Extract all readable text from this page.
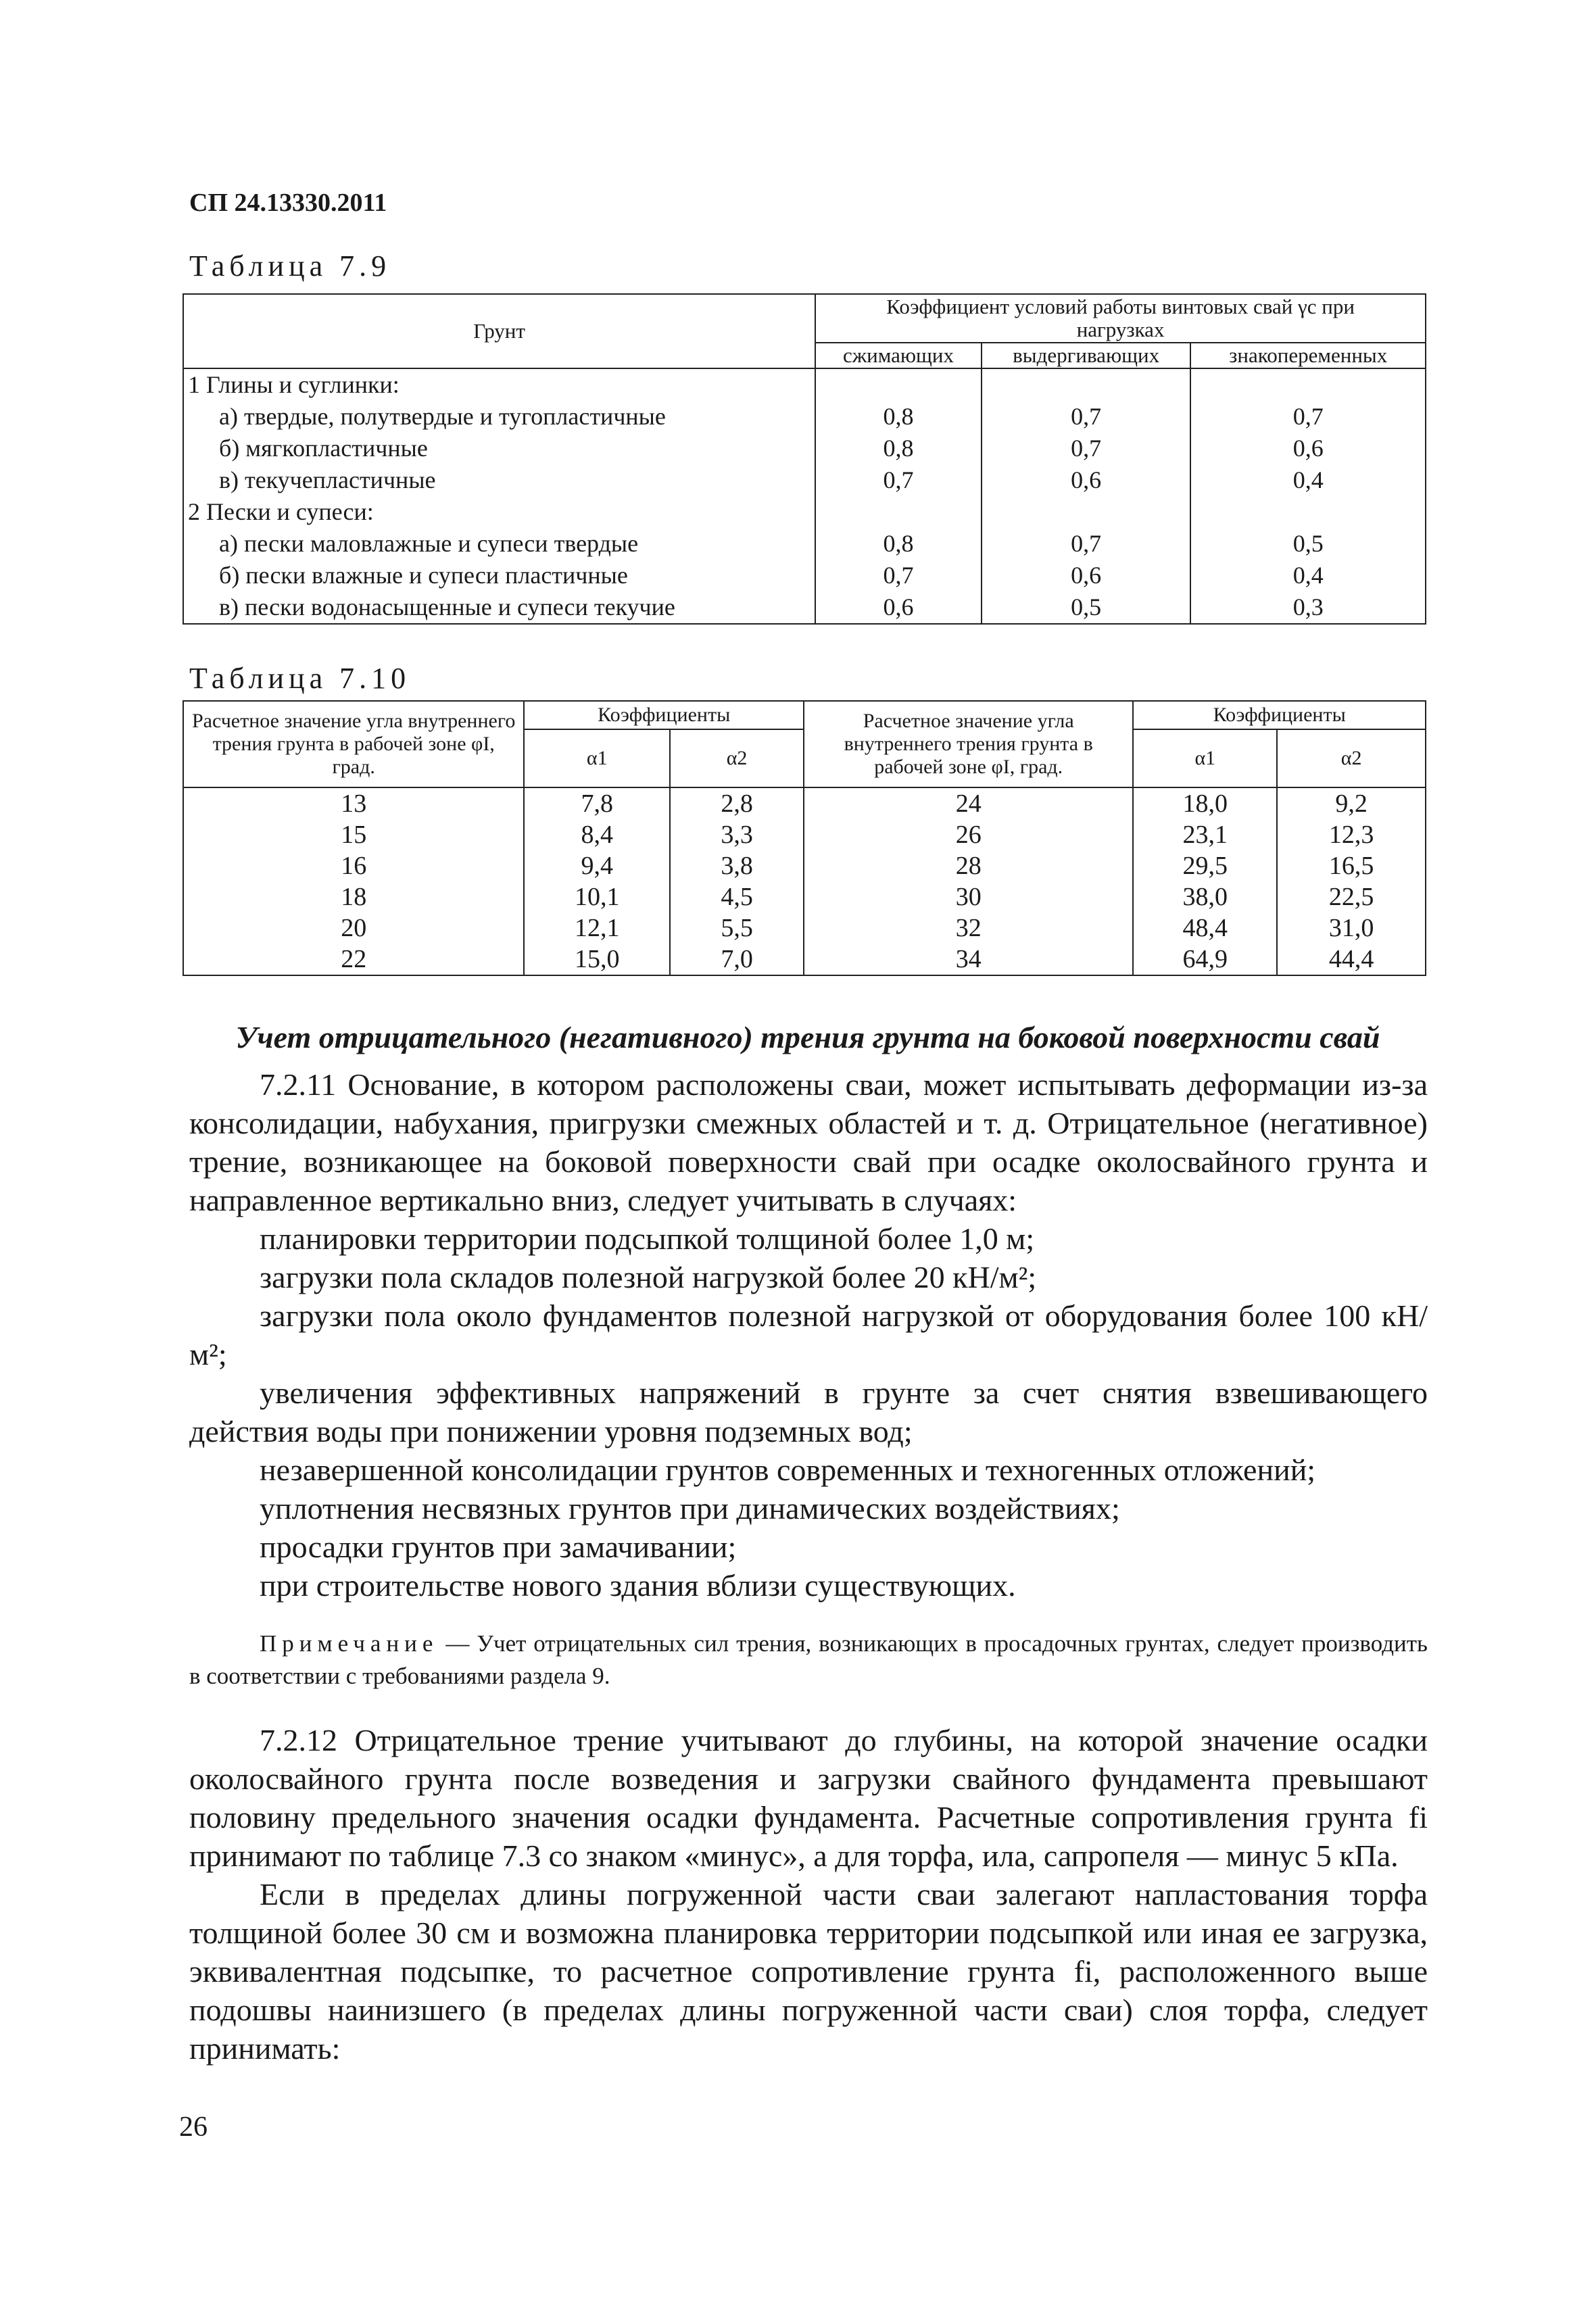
СП 24.13330.2011
Таблица 7.9
Грунт	Коэффициент условий работы винтовых свай γc при нагрузках		
	сжимающих	выдергивающих	знакопеременных
1 Глины и суглинки:			
а) твердые, полутвердые и тугопластичные	0,8	0,7	0,7
б) мягкопластичные	0,8	0,7	0,6
в) текучепластичные	0,7	0,6	0,4
2 Пески и супеси:			
а) пески маловлажные и супеси твердые	0,8	0,7	0,5
б) пески влажные и супеси пластичные	0,7	0,6	0,4
в) пески водонасыщенные и супеси текучие	0,6	0,5	0,3
Таблица 7.10
Расчетное значение угла внутреннего трения грунта в рабочей зоне φI, град.	Коэффициенты		Расчетное значение угла внутреннего трения грунта в рабочей зоне φI, град.	Коэффициенты	
	α1	α2		α1	α2
13	7,8	2,8	24	18,0	9,2
15	8,4	3,3	26	23,1	12,3
16	9,4	3,8	28	29,5	16,5
18	10,1	4,5	30	38,0	22,5
20	12,1	5,5	32	48,4	31,0
22	15,0	7,0	34	64,9	44,4
Учет отрицательного (негативного) трения грунта на боковой поверхности свай

7.2.11 Основание, в котором расположены сваи, может испытывать деформации из-за консолидации, набухания, пригрузки смежных областей и т. д. Отрицательное (негативное) трение, возникающее на боковой поверхности свай при осадке околосвайного грунта и направленное вертикально вниз, следует учитывать в случаях:

планировки территории подсыпкой толщиной более 1,0 м;

загрузки пола складов полезной нагрузкой более 20 кН/м²;

загрузки пола около фундаментов полезной нагрузкой от оборудования более 100 кН/м²;

увеличения эффективных напряжений в грунте за счет снятия взвешивающего действия воды при понижении уровня подземных вод;

незавершенной консолидации грунтов современных и техногенных отложений;

уплотнения несвязных грунтов при динамических воздействиях;

просадки грунтов при замачивании;

при строительстве нового здания вблизи существующих.

Примечание — Учет отрицательных сил трения, возникающих в просадочных грунтах, следует производить в соответствии с требованиями раздела 9.

7.2.12 Отрицательное трение учитывают до глубины, на которой значение осадки околосвайного грунта после возведения и загрузки свайного фундамента превышают половину предельного значения осадки фундамента. Расчетные сопротивления грунта fi принимают по таблице 7.3 со знаком «минус», а для торфа, ила, сапропеля — минус 5 кПа.

Если в пределах длины погруженной части сваи залегают напластования торфа толщиной более 30 см и возможна планировка территории подсыпкой или иная ее загрузка, эквивалентная подсыпке, то расчетное сопротивление грунта fi, расположенного выше подошвы наинизшего (в пределах длины погруженной части сваи) слоя торфа, следует принимать:

26
